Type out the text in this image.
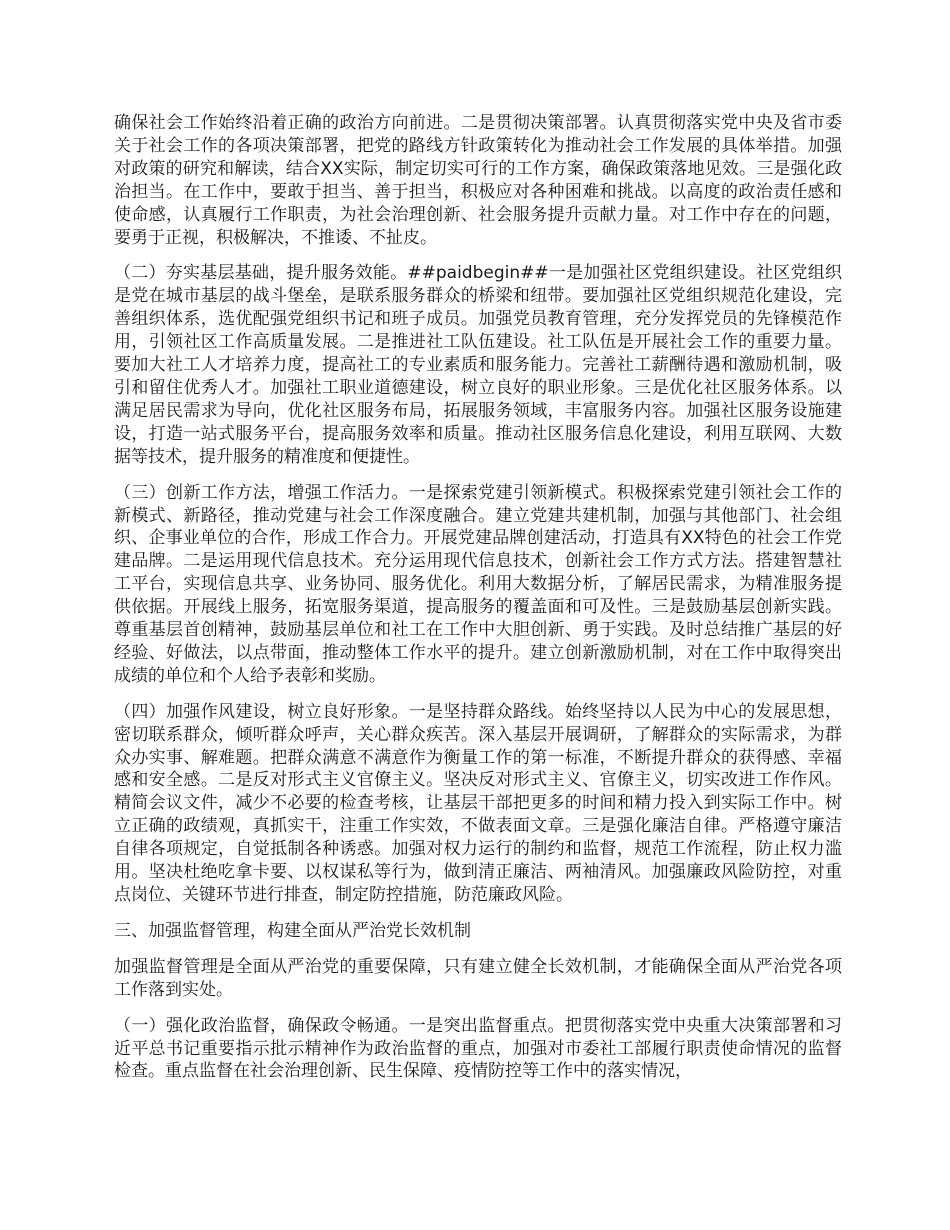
确保社会工作始终沿着正确的政治方向前进。二是贯彻决策部署。认真贯彻落实党中央及省市委关于社会工作的各项决策部署，把党的路线方针政策转化为推动社会工作发展的具体举措。加强对政策的研究和解读，结合XX实际，制定切实可行的工作方案，确保政策落地见效。三是强化政治担当。在工作中，要敢于担当、善于担当，积极应对各种困难和挑战。以高度的政治责任感和使命感，认真履行工作职责，为社会治理创新、社会服务提升贡献力量。对工作中存在的问题，要勇于正视，积极解决，不推诿、不扯皮。

（二）夯实基层基础，提升服务效能。##paidbegin##一是加强社区党组织建设。社区党组织是党在城市基层的战斗堡垒，是联系服务群众的桥梁和纽带。要加强社区党组织规范化建设，完善组织体系，选优配强党组织书记和班子成员。加强党员教育管理，充分发挥党员的先锋模范作用，引领社区工作高质量发展。二是推进社工队伍建设。社工队伍是开展社会工作的重要力量。要加大社工人才培养力度，提高社工的专业素质和服务能力。完善社工薪酬待遇和激励机制，吸引和留住优秀人才。加强社工职业道德建设，树立良好的职业形象。三是优化社区服务体系。以满足居民需求为导向，优化社区服务布局，拓展服务领域，丰富服务内容。加强社区服务设施建设，打造一站式服务平台，提高服务效率和质量。推动社区服务信息化建设，利用互联网、大数据等技术，提升服务的精准度和便捷性。

（三）创新工作方法，增强工作活力。一是探索党建引领新模式。积极探索党建引领社会工作的新模式、新路径，推动党建与社会工作深度融合。建立党建共建机制，加强与其他部门、社会组织、企事业单位的合作，形成工作合力。开展党建品牌创建活动，打造具有XX特色的社会工作党建品牌。二是运用现代信息技术。充分运用现代信息技术，创新社会工作方式方法。搭建智慧社工平台，实现信息共享、业务协同、服务优化。利用大数据分析，了解居民需求，为精准服务提供依据。开展线上服务，拓宽服务渠道，提高服务的覆盖面和可及性。三是鼓励基层创新实践。尊重基层首创精神，鼓励基层单位和社工在工作中大胆创新、勇于实践。及时总结推广基层的好经验、好做法，以点带面，推动整体工作水平的提升。建立创新激励机制，对在工作中取得突出成绩的单位和个人给予表彰和奖励。

（四）加强作风建设，树立良好形象。一是坚持群众路线。始终坚持以人民为中心的发展思想，密切联系群众，倾听群众呼声，关心群众疾苦。深入基层开展调研，了解群众的实际需求，为群众办实事、解难题。把群众满意不满意作为衡量工作的第一标准，不断提升群众的获得感、幸福感和安全感。二是反对形式主义官僚主义。坚决反对形式主义、官僚主义，切实改进工作作风。精简会议文件，减少不必要的检查考核，让基层干部把更多的时间和精力投入到实际工作中。树立正确的政绩观，真抓实干，注重工作实效，不做表面文章。三是强化廉洁自律。严格遵守廉洁自律各项规定，自觉抵制各种诱惑。加强对权力运行的制约和监督，规范工作流程，防止权力滥用。坚决杜绝吃拿卡要、以权谋私等行为，做到清正廉洁、两袖清风。加强廉政风险防控，对重点岗位、关键环节进行排查，制定防控措施，防范廉政风险。

三、加强监督管理，构建全面从严治党长效机制

加强监督管理是全面从严治党的重要保障，只有建立健全长效机制，才能确保全面从严治党各项工作落到实处。

（一）强化政治监督，确保政令畅通。一是突出监督重点。把贯彻落实党中央重大决策部署和习近平总书记重要指示批示精神作为政治监督的重点，加强对市委社工部履行职责使命情况的监督检查。重点监督在社会治理创新、民生保障、疫情防控等工作中的落实情况，
